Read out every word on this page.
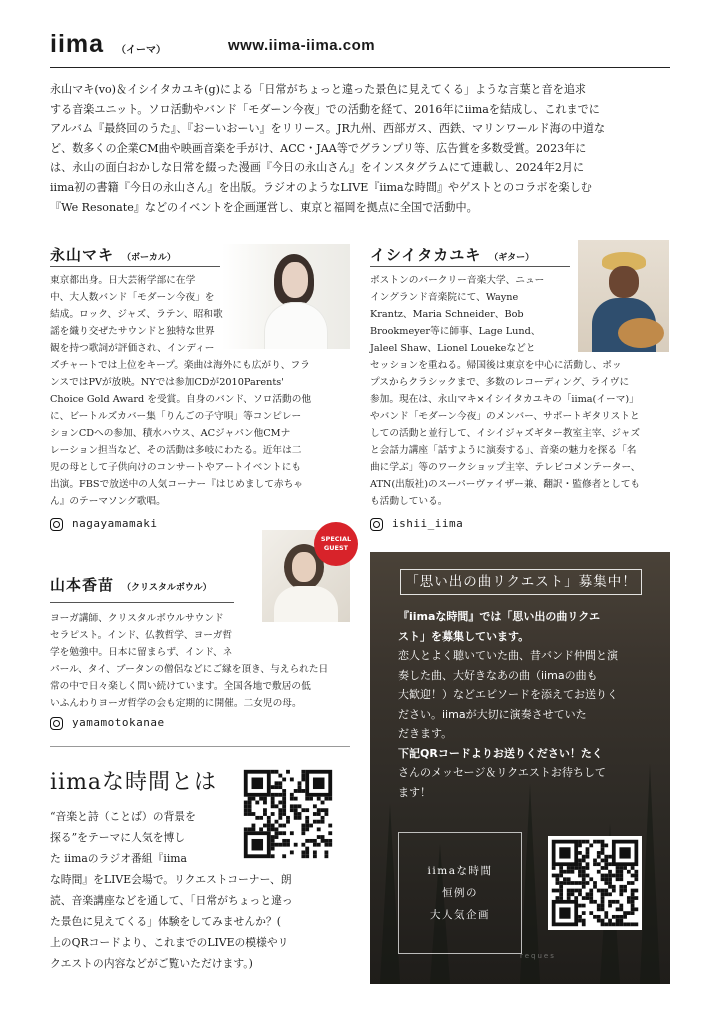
iima （イーマ）	www.iima-iima.com
永山マキ(vo)＆イシイタカユキ(g)による「日常がちょっと違った景色に見えてくる」ような言葉と音を追求
する音楽ユニット。ソロ活動やバンド「モダーン今夜」での活動を経て、2016年にiimaを結成し、これまでに
アルバム『最終回のうた』、『おーいおーい』をリリース。JR九州、西部ガス、西鉄、マリンワールド海の中道な
ど、数多くの企業CM曲や映画音楽を手がけ、ACC・JAA等でグランプリ等、広告賞を多数受賞。2023年に
は、永山の面白おかしな日常を綴った漫画『今日の永山さん』をインスタグラムにて連載し、2024年2月に
iima初の書籍『今日の永山さん』を出版。ラジオのようなLIVE『iimaな時間』やゲストとのコラボを楽しむ
『We Resonate』などのイベントを企画運営し、東京と福岡を拠点に全国で活動中。
永山マキ （ボーカル）
東京都出身。日大芸術学部に在学
中、大人数バンド「モダーン今夜」を
結成。ロック、ジャズ、ラテン、昭和歌
謡を織り交ぜたサウンドと独特な世界
観を持つ歌詞が評価され、インディー
ズチャートでは上位をキープ。楽曲は海外にも広がり、フラ
ンスではPVが放映。NYでは参加CDが2010Parents'
Choice Gold Award を受賞。自身のバンド、ソロ活動の他
に、ビートルズカバー集「りんごの子守唄」等コンピレー
ションCDへの参加、積水ハウス、ACジャパン他CMナ
レーション担当など、その活動は多岐にわたる。近年は二
児の母として子供向けのコンサートやアートイベントにも
出演。FBSで放送中の人気コーナー『はじめまして赤ちゃ
ん』のテーマソング歌唱。
nagayamamaki
イシイタカユキ （ギター）
ボストンのバークリー音楽大学、ニュー
イングランド音楽院にて、Wayne
Krantz、Maria Schneider、Bob
Brookmeyer等に師事、Lage Lund、
Jaleel Shaw、Lionel Louekeなどと
セッションを重ねる。帰国後は東京を中心に活動し、ポッ
プスからクラシックまで、多数のレコーディング、ライヴに
参加。現在は、永山マキ×イシイタカユキの「iima(イーマ)」
やバンド「モダーン今夜」のメンバー、サポートギタリストと
しての活動と並行して、イシイジャズギター教室主宰、ジャズ
と会話力講座「話すように演奏する」、音楽の魅力を探る「名
曲に学ぶ」等のワークショップ主宰、テレビコメンテーター、
ATN(出版社)のスーパーヴァイザー兼、翻訳・監修者としても
も活動している。
ishii_iima
SPECIAL
GUEST
山本香苗 （クリスタルボウル）
ヨーガ講師、クリスタルボウルサウンド
セラピスト。インド、仏教哲学、ヨーガ哲
学を勉強中。日本に留まらず、インド、ネ
パール、タイ、ブータンの僧侶などにご縁を頂き、与えられた日
常の中で日々楽しく問い続けています。全国各地で敷居の低
いふんわりヨーガ哲学の会も定期的に開催。二女児の母。
yamamotokanae
iimaな時間とは
“音楽と詩（ことば）の背景を
探る”をテーマに人気を博し
た iimaのラジオ番組『iima
な時間』をLIVE会場で。リクエストコーナー、朗
読、音楽講座などを通して、「日常がちょっと違っ
た景色に見えてくる」体験をしてみませんか？(
上のQRコードより、これまでのLIVEの模様やリ
クエストの内容などがご覧いただけます。)
「思い出の曲リクエスト」募集中！
『iimaな時間』では「思い出の曲リクエ
スト」を募集しています。
恋人とよく聴いていた曲、昔バンド仲間と演
奏した曲、大好きなあの曲（iimaの曲も
大歓迎！）などエピソードを添えてお送りく
ださい。iimaが大切に演奏させていた
だきます。
下記QRコードよりお送りください！たく
さんのメッセージ＆リクエストお待ちして
ます！
iimaな時間
恒例の
大人気企画
reques
